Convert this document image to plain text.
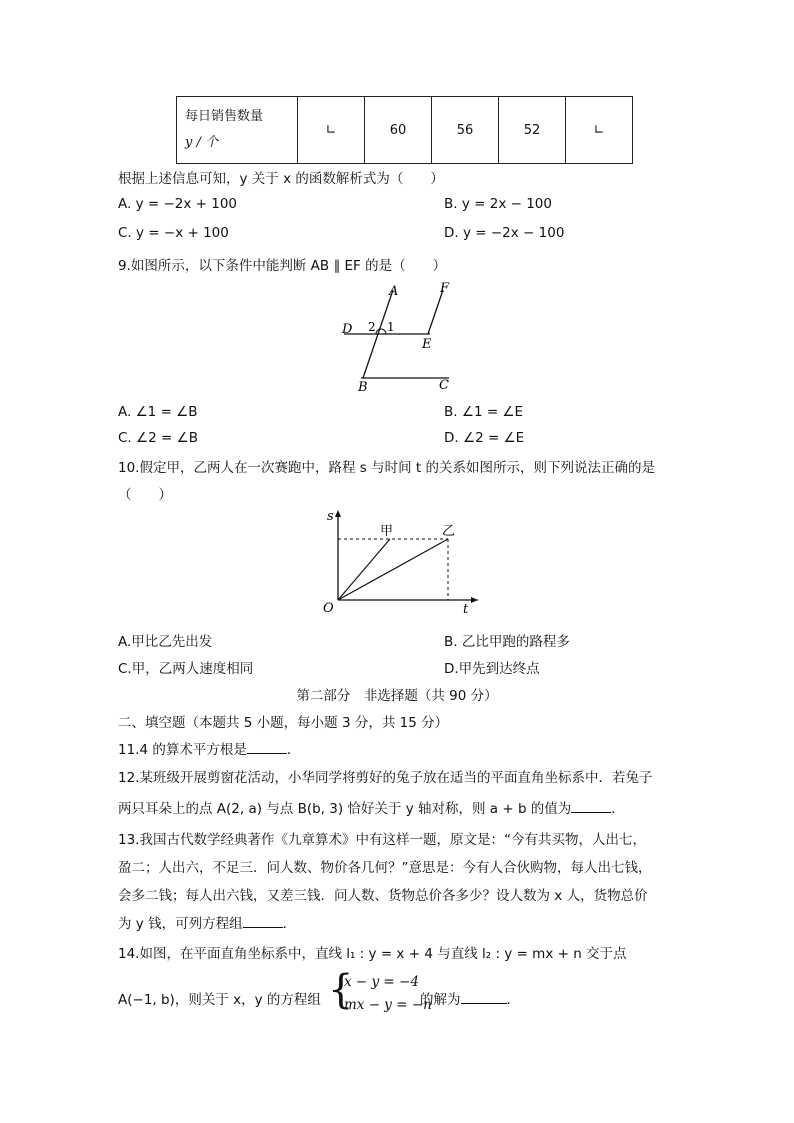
每日销售数量
y / 个
	∟	60	56	52	∟
根据上述信息可知，y 关于 x 的函数解析式为（　　）
A. y = −2x + 100	B. y = 2x − 100
C. y = −x + 100	D. y = −2x − 100
9.如图所示，以下条件中能判断 AB ∥ EF 的是（　　）
A	F
D
E
B	C
2 1
A. ∠1 = ∠B	B. ∠1 = ∠E
C. ∠2 = ∠B	D. ∠2 = ∠E
10.假定甲，乙两人在一次赛跑中，路程 s 与时间 t 的关系如图所示，则下列说法正确的是
（　　）
s
t
O
甲	乙
A.甲比乙先出发	B. 乙比甲跑的路程多
C.甲，乙两人速度相同	D.甲先到达终点
第二部分　非选择题（共 90 分）
二、填空题（本题共 5 小题，每小题 3 分，共 15 分）
11.4 的算术平方根是	．
12.某班级开展剪窗花活动，小华同学将剪好的兔子放在适当的平面直角坐标系中．若兔子
两只耳朵上的点 A(2, a) 与点 B(b, 3) 恰好关于 y 轴对称，则 a + b 的值为	．
13.我国古代数学经典著作《九章算术》中有这样一题，原文是：“今有共买物，人出七，
盈二；人出六，不足三．问人数、物价各几何？”意思是：今有人合伙购物，每人出七钱，
会多二钱；每人出六钱，又差三钱．问人数、货物总价各多少？设人数为 x 人，货物总价
为 y 钱，可列方程组	．
14.如图，在平面直角坐标系中，直线 l₁ : y = x + 4 与直线 l₂ : y = mx + n 交于点
A(−1, b)，则关于 x，y 的方程组 {
x − y = −4
mx − y = −n
的解为	．
